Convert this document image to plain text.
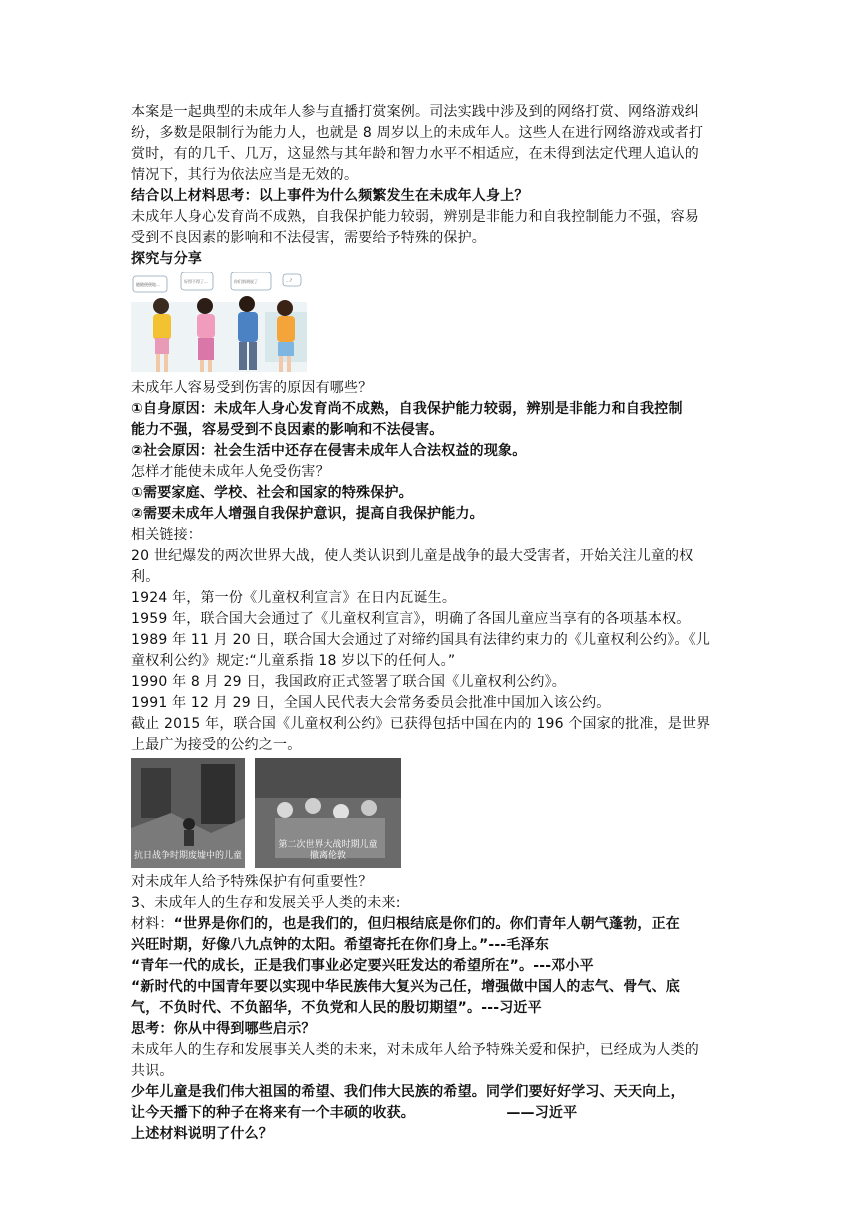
本案是一起典型的未成年人参与直播打赏案例。司法实践中涉及到的网络打赏、网络游戏纠

纷，多数是限制行为能力人，也就是 8 周岁以上的未成年人。这些人在进行网络游戏或者打

赏时，有的几千、几万，这显然与其年龄和智力水平不相适应，在未得到法定代理人追认的

情况下，其行为依法应当是无效的。

结合以上材料思考：以上事件为什么频繁发生在未成年人身上？

未成年人身心发育尚不成熟，自我保护能力较弱，辨别是非能力和自我控制能力不强，容易

受到不良因素的影响和不法侵害，需要给予特殊的保护。

探究与分享

随随便便地...
好得不得了...	你们别胡说了	...?

未成年人容易受到伤害的原因有哪些？

①自身原因：未成年人身心发育尚不成熟，自我保护能力较弱，辨别是非能力和自我控制

能力不强，容易受到不良因素的影响和不法侵害。

②社会原因：社会生活中还存在侵害未成年人合法权益的现象。

怎样才能使未成年人免受伤害？

①需要家庭、学校、社会和国家的特殊保护。

②需要未成年人增强自我保护意识，提高自我保护能力。

相关链接：

20 世纪爆发的两次世界大战，使人类认识到儿童是战争的最大受害者，开始关注儿童的权

利。

1924 年，第一份《儿童权利宣言》在日内瓦诞生。

1959 年，联合国大会通过了《儿童权利宣言》，明确了各国儿童应当享有的各项基本权。

1989 年 11 月 20 日，联合国大会通过了对缔约国具有法律约束力的《儿童权利公约》。《儿

童权利公约》规定:“儿童系指 18 岁以下的任何人。”

1990 年 8 月 29 日，我国政府正式签署了联合国《儿童权利公约》。

1991 年 12 月 29 日，全国人民代表大会常务委员会批准中国加入该公约。

截止 2015 年，联合国《儿童权利公约》已获得包括中国在内的 196 个国家的批准，是世界

上最广为接受的公约之一。

抗日战争时期废墟中的儿童
第二次世界大战时期儿童
撤离伦敦

对未成年人给予特殊保护有何重要性？

3、未成年人的生存和发展关乎人类的未来:

材料：“世界是你们的，也是我们的，但归根结底是你们的。你们青年人朝气蓬勃，正在

兴旺时期，好像八九点钟的太阳。希望寄托在你们身上。”---毛泽东

“青年一代的成长，正是我们事业必定要兴旺发达的希望所在”。---邓小平

“新时代的中国青年要以实现中华民族伟大复兴为己任，增强做中国人的志气、骨气、底

气，不负时代、不负韶华，不负党和人民的殷切期望”。---习近平

思考：你从中得到哪些启示？

未成年人的生存和发展事关人类的未来，对未成年人给予特殊关爱和保护，已经成为人类的

共识。

少年儿童是我们伟大祖国的希望、我们伟大民族的希望。同学们要好好学习、天天向上，

让今天播下的种子在将来有一个丰硕的收获。                  ——习近平

上述材料说明了什么？
